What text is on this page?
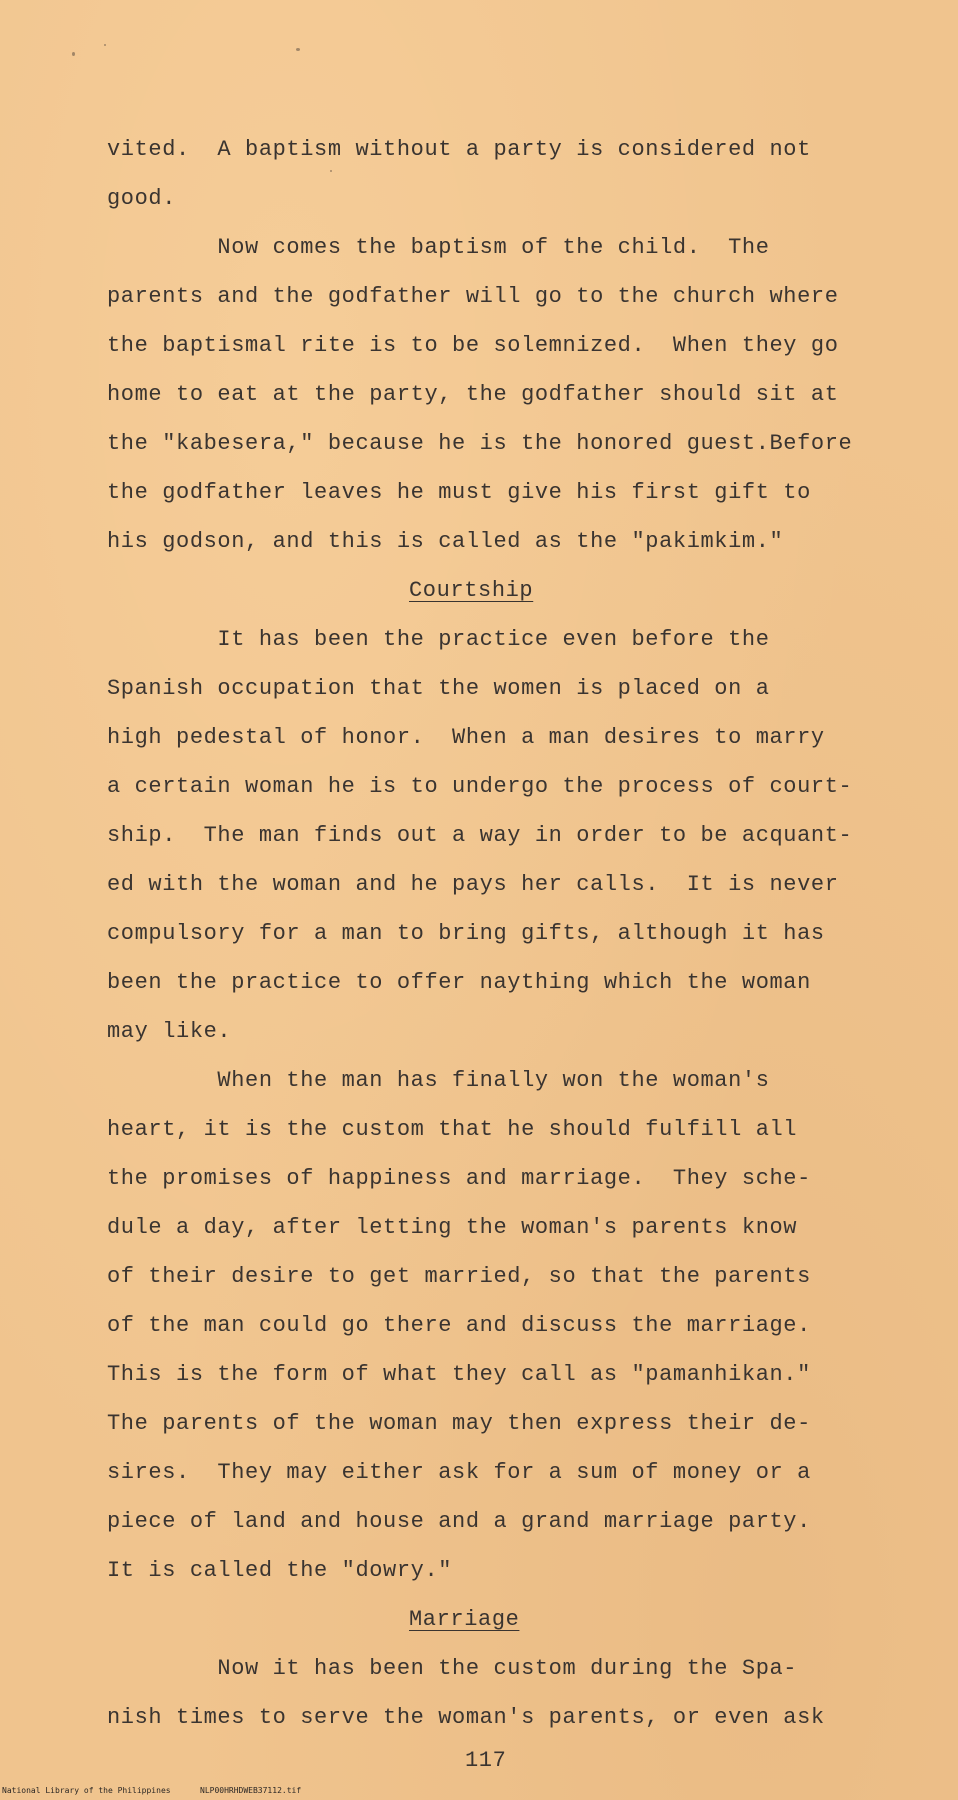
vited.  A baptism without a party is considered not
good.
Now comes the baptism of the child.  The
parents and the godfather will go to the church where
the baptismal rite is to be solemnized.  When they go
home to eat at the party, the godfather should sit at
the "kabesera," because he is the honored guest.Before
the godfather leaves he must give his first gift to
his godson, and this is called as the "pakimkim."
Courtship
It has been the practice even before the
Spanish occupation that the women is placed on a
high pedestal of honor.  When a man desires to marry
a certain woman he is to undergo the process of court-
ship.  The man finds out a way in order to be acquant-
ed with the woman and he pays her calls.  It is never
compulsory for a man to bring gifts, although it has
been the practice to offer naything which the woman
may like.
When the man has finally won the woman's
heart, it is the custom that he should fulfill all
the promises of happiness and marriage.  They sche-
dule a day, after letting the woman's parents know
of their desire to get married, so that the parents
of the man could go there and discuss the marriage.
This is the form of what they call as "pamanhikan."
The parents of the woman may then express their de-
sires.  They may either ask for a sum of money or a
piece of land and house and a grand marriage party.
It is called the "dowry."
Marriage
Now it has been the custom during the Spa-
nish times to serve the woman's parents, or even ask
117
National Library of the Philippines	NLP00HRHDWEB37112.tif
